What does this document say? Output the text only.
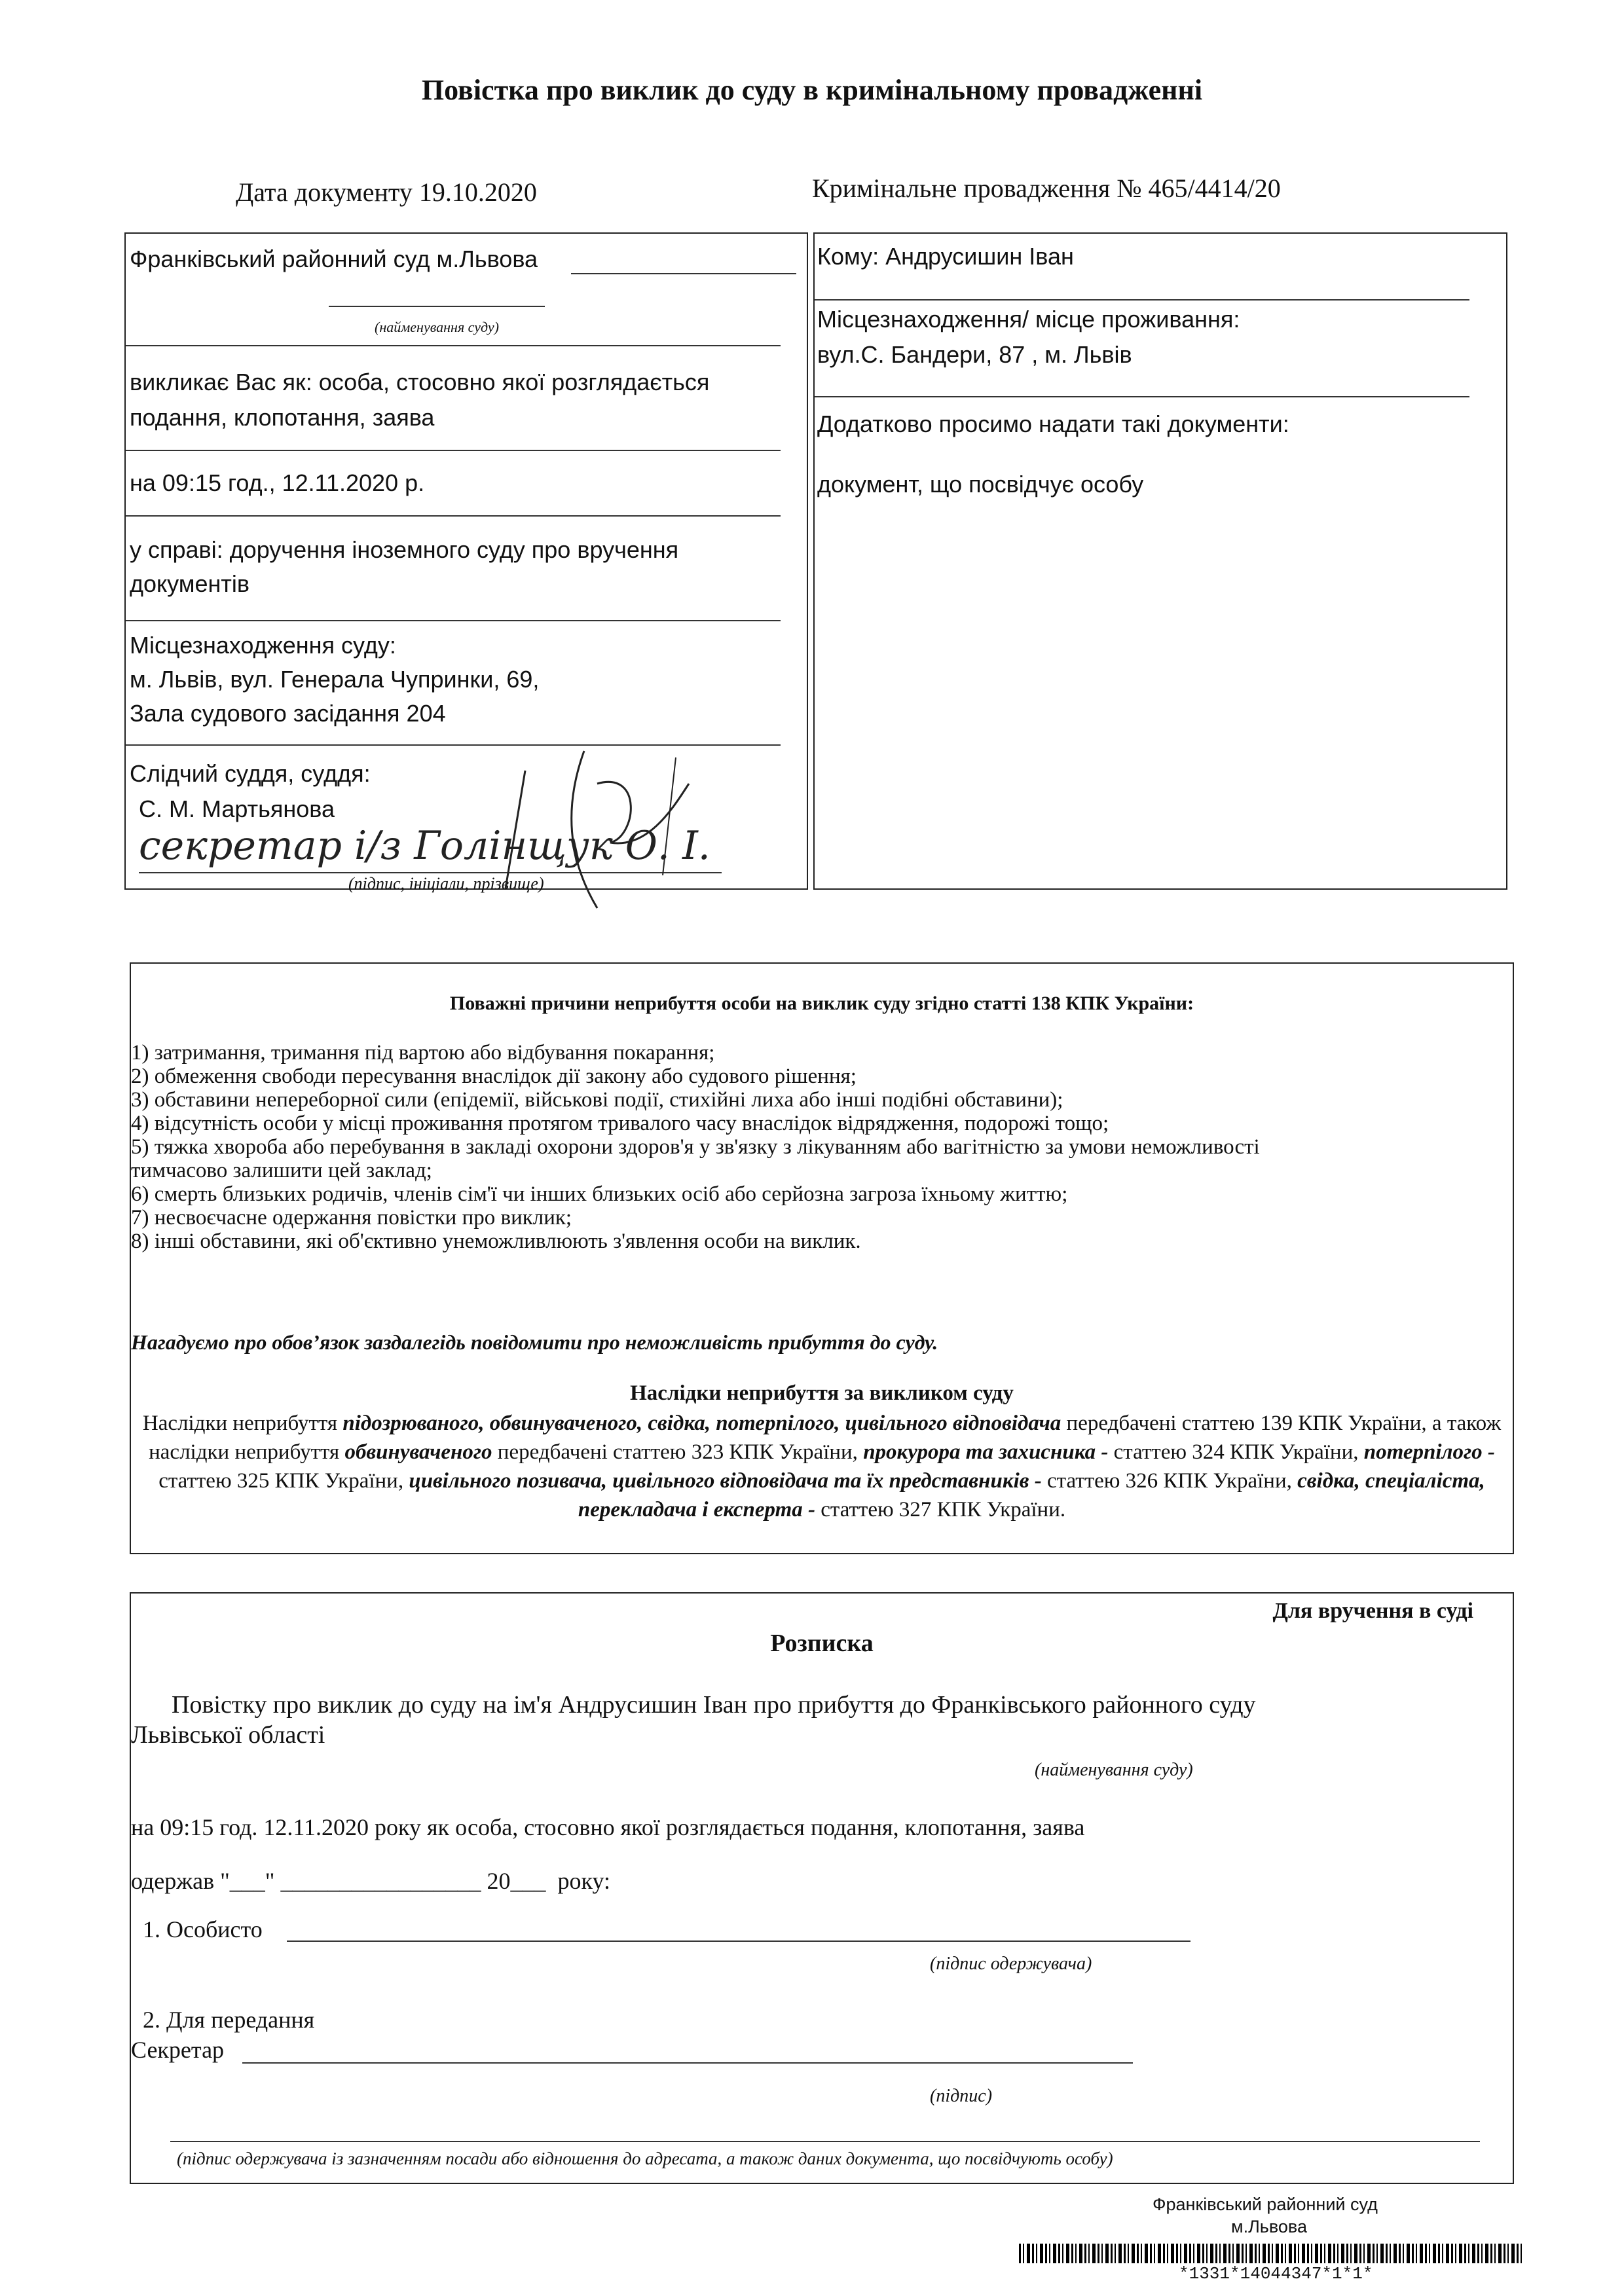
Повістка про виклик до суду в кримінальному провадженні
Дата документу 19.10.2020	Кримінальне провадження № 465/4414/20
Франківський районний суд м.Львова
(найменування суду)
викликає Вас як: особа, стосовно якої розглядається
подання, клопотання, заява
на 09:15 год., 12.11.2020 р.
у справі: доручення іноземного суду про вручення
документів
Місцезнаходження суду:
м. Львів, вул. Генерала Чупринки, 69,
Зала судового засідання 204
Слідчий суддя, суддя:
С. М. Мартьянова
секретар і/з Голінщук О. І.
(підпис, ініціали, прізвище)
Кому: Андрусишин Іван
Місцезнаходження/ місце проживання:
вул.С. Бандери, 87 , м. Львів
Додатково просимо надати такі документи:
документ, що посвідчує особу
Поважні причини неприбуття особи на виклик суду згідно статті 138 КПК України:
1) затримання, тримання під вартою або відбування покарання;
2) обмеження свободи пересування внаслідок дії закону або судового рішення;
3) обставини непереборної сили (епідемії, військові події, стихійні лиха або інші подібні обставини);
4) відсутність особи у місці проживання протягом тривалого часу внаслідок відрядження, подорожі тощо;
5) тяжка хвороба або перебування в закладі охорони здоров'я у зв'язку з лікуванням або вагітністю за умови неможливості
тимчасово залишити цей заклад;
6) смерть близьких родичів, членів сім'ї чи інших близьких осіб або серйозна загроза їхньому життю;
7) несвоєчасне одержання повістки про виклик;
8) інші обставини, які об'єктивно унеможливлюють з'явлення особи на виклик.
Нагадуємо про обов’язок заздалегідь повідомити про неможливість прибуття до суду.
Наслідки неприбуття за викликом суду
Наслідки неприбуття підозрюваного, обвинуваченого, свідка, потерпілого, цивільного відповідача передбачені статтею 139 КПК України, а також наслідки неприбуття обвинуваченого передбачені статтею 323 КПК України, прокурора та захисника - статтею 324 КПК України, потерпілого - статтею 325 КПК України, цивільного позивача, цивільного відповідача та їх представників - статтею 326 КПК України, свідка, спеціаліста, перекладача і експерта - статтею 327 КПК України.
Для вручення в суді
Розписка
Повістку про виклик до суду на ім'я Андрусишин Іван про прибуття до Франківського районного суду
Львівської області
(найменування суду)
на 09:15 год. 12.11.2020 року як особа, стосовно якої розглядається подання, клопотання, заява
одержав "___" _________________ 20___  року:
1. Особисто
(підпис одержувача)
2. Для передання
Секретар
(підпис)
(підпис одержувача із зазначенням посади або відношення до адресата, а також даних документа, що посвідчують особу)
Франківський районний суд
м.Львова
*1331*14044347*1*1*
